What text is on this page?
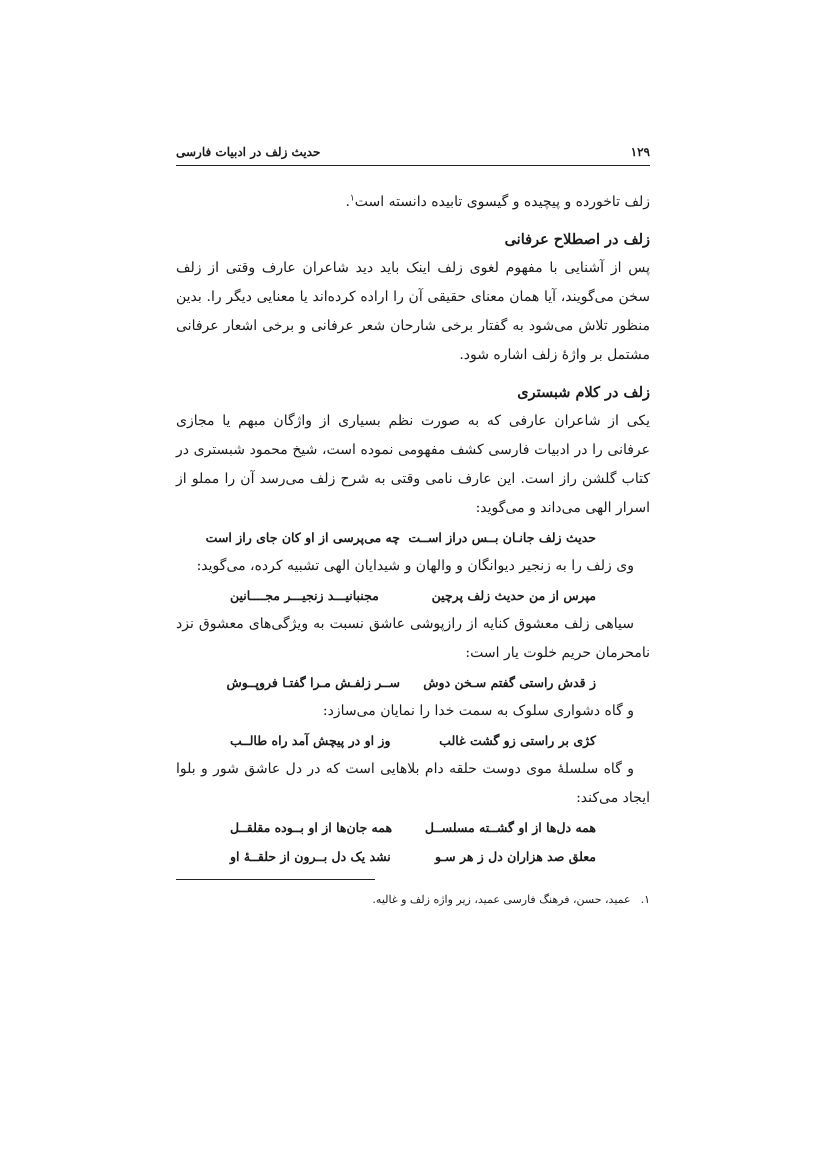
۱۲۹
حدیث زلف در ادبیات فارسی

زلف تاخورده و پیچیده و گیسوی تابیده دانسته است$^۱$.

زلف در اصطلاح عرفانی

پس از آشنایی با مفهوم لغوی زلف اینک باید دید شاعران عارف وقتی از زلف سخن می‌گویند، آیا همان معنای حقیقی آن را اراده کرده‌اند یا معنایی دیگر را. بدین منظور تلاش می‌شود به گفتار برخی شارحان شعر عرفانی و برخی اشعار عرفانی مشتمل بر واژهٔ زلف اشاره شود.

زلف در کلام شبستری

یکی از شاعران عارفی که به صورت نظم بسیاری از واژگان مبهم یا مجازی عرفانی را در ادبیات فارسی کشف مفهومی نموده است، شیخ محمود شبستری در کتاب گلشن راز است. این عارف نامی وقتی به شرح زلف می‌رسد آن را مملو از اسرار الهی می‌داند و می‌گوید:

حدیث زلف جانـان بــس دراز اســت
چه می‌پرسی از او کان جای راز است

وی زلف را به زنجیر دیوانگان و والهان و شیدایان الهی تشبیه کرده، می‌گوید:

مپرس از من حدیث زلف پرچین
مجنبانیـــد زنجیـــر مجــــانین

سیاهی زلف معشوق کنایه از رازپوشی عاشق نسبت به ویژگی‌های معشوق نزد نامحرمان حریم خلوت یار است:

ز قدش راستی گفتم سـخن دوش
ســر زلفـش مـرا گفتـا فروپــوش

و گاه دشواری سلوک به سمت خدا را نمایان می‌سازد:

کژی بر راستی زو گشت غالب
وز او در پیچش آمد راه طالــب

و گاه سلسلهٔ موی دوست حلقه دام بلاهایی است که در دل عاشق شور و بلوا ایجاد می‌کند:

همه دل‌ها از او گشــته مسلســل
همه جان‌ها از او بــوده مقلقــل
معلق صد هزاران دل ز هر سـو
نشد یک دل بــرون از حلقــهٔ او
۱.عمید، حسن، فرهنگ فارسی عمید، زیر واژه زلف و غالیه.
